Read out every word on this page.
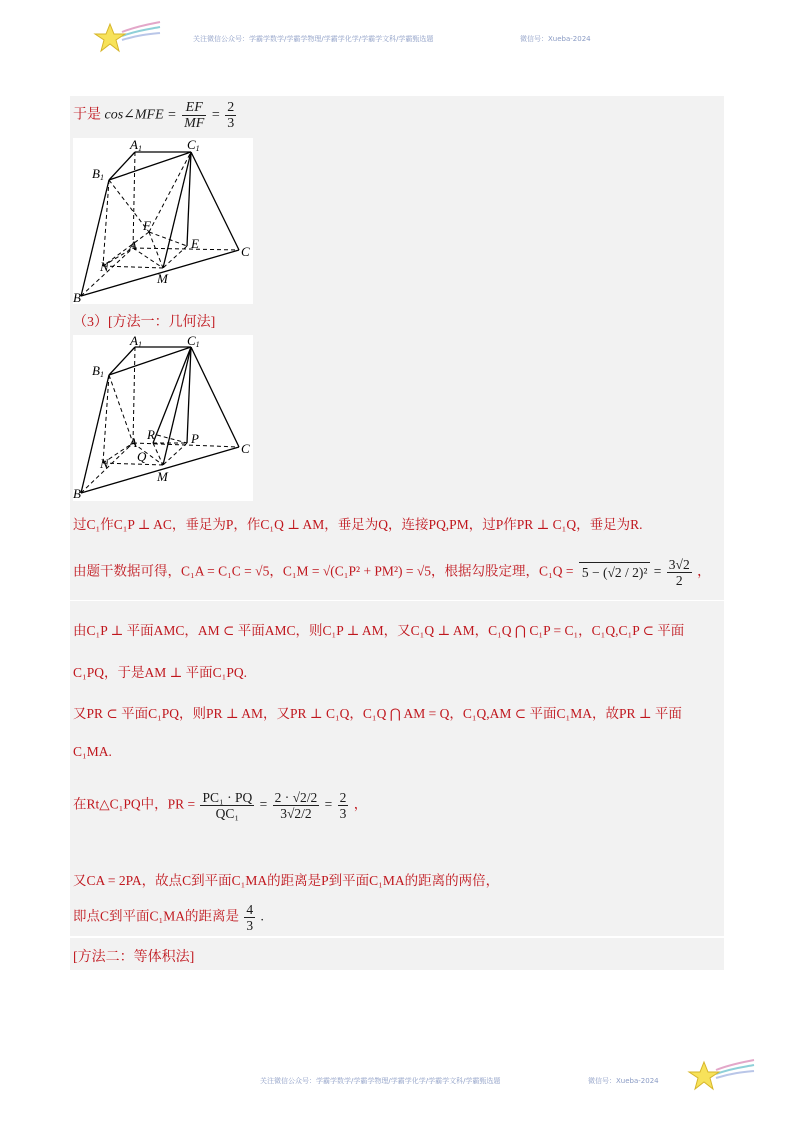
关注微信公众号：学霸学数学/学霸学物理/学霸学化学/学霸学文科/学霸甄选题	微信号：Xueba-2024
于是 cos∠MFE = $\frac{EF}{MF} = \frac{2}{3}$
A1	C1
B1
F
A	E
C
N
M
B
（3）[方法一：几何法]
A1	C1
B1
A
R	P
C
Q
N
M
B
过C₁作C₁P ⊥ AC，垂足为P，作C₁Q ⊥ AM，垂足为Q，连接PQ,PM，过P作PR ⊥ C₁Q，垂足为R.
由题干数据可得，C₁A = C₁C = √5，C₁M = √(C₁P² + PM²) = √5，根据勾股定理，$C_1Q = 5 - (√2 / 2)^2 = \frac{3√2}{2}$ ，
由C₁P ⊥ 平面AMC，AM ⊂ 平面AMC，则C₁P ⊥ AM，又C₁Q ⊥ AM，C₁Q ⋂ C₁P = C₁，C₁Q,C₁P ⊂ 平面
C₁PQ，于是AM ⊥ 平面C₁PQ.
又PR ⊂ 平面C₁PQ，则PR ⊥ AM，又PR ⊥ C₁Q，C₁Q ⋂ AM = Q，C₁Q,AM ⊂ 平面C₁MA，故PR ⊥ 平面
C₁MA.
在Rt△C₁PQ中，PR = $\frac{\text{PC₁ · PQ}}{\text{QC₁}} = \frac{2 \cdot √2/2}{3√2/2} = \frac{2}{3}$ ，
又CA = 2PA，故点C到平面C₁MA的距离是P到平面C₁MA的距离的两倍，
即点C到平面C₁MA的距离是 $\frac{4}{3}$ .
[方法二：等体积法]
关注微信公众号：学霸学数学/学霸学物理/学霸学化学/学霸学文科/学霸甄选题	微信号：Xueba-2024
